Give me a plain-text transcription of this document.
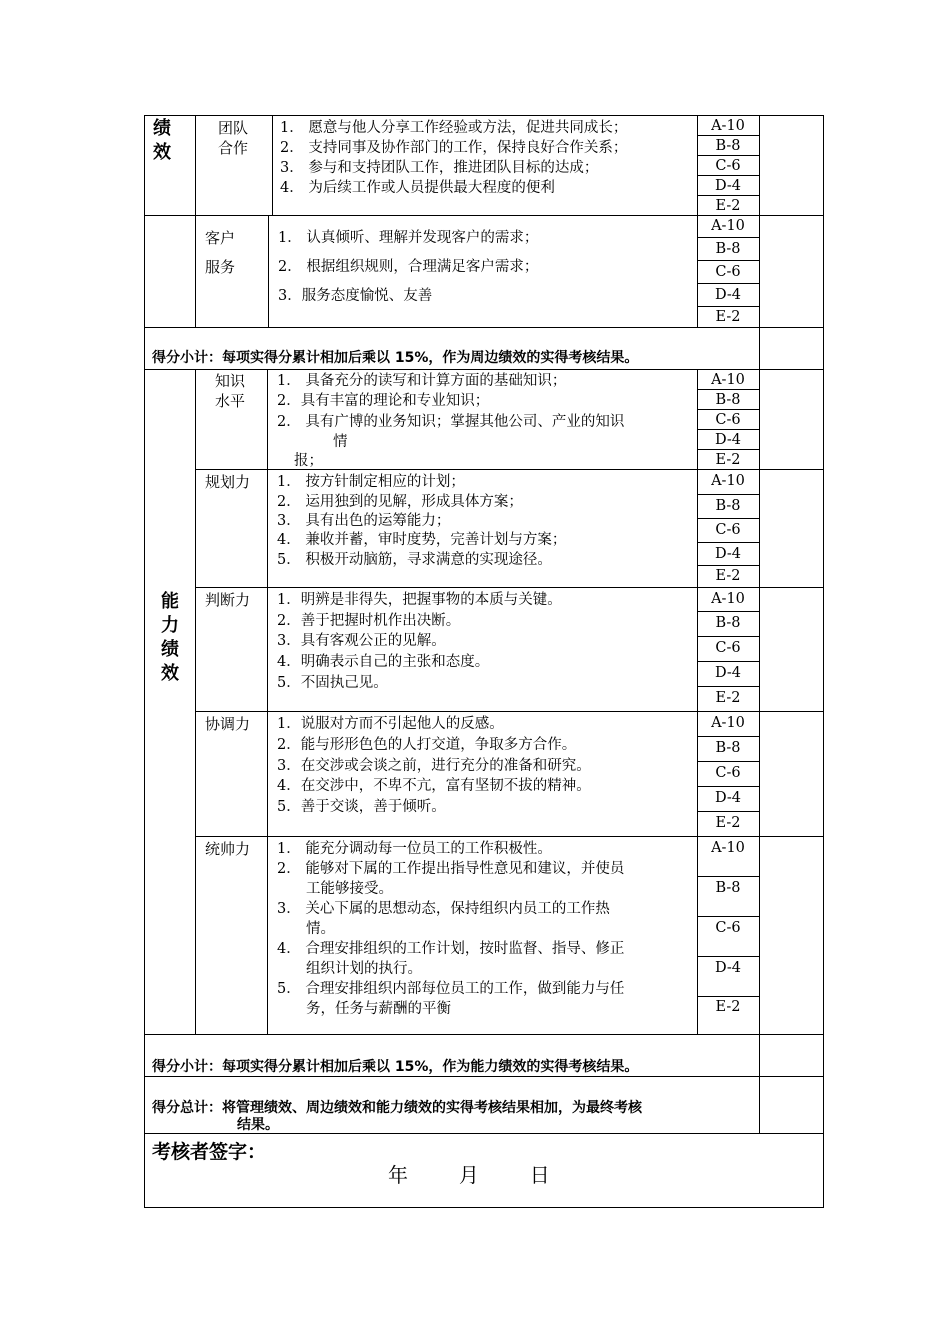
绩
效
能
力
绩
效
团队
合作
1． 愿意与他人分享工作经验或方法，促进共同成长；
2． 支持同事及协作部门的工作，保持良好合作关系；
3． 参与和支持团队工作，推进团队目标的达成；
4． 为后续工作或人员提供最大程度的便利
A-10
B-8
C-6
D-4
E-2
客户
服务
1． 认真倾听、理解并发现客户的需求；
2． 根据组织规则，合理满足客户需求；
3．服务态度愉悦、友善
A-10
B-8
C-6
D-4
E-2
得分小计：每项实得分累计相加后乘以 15%，作为周边绩效的实得考核结果。
知识
水平
1． 具备充分的读写和计算方面的基础知识；
2．具有丰富的理论和专业知识；
2． 具有广博的业务知识；掌握其他公司、产业的知识
情
报；
A-10
B-8
C-6
D-4
E-2
规划力 1． 按方针制定相应的计划；
2． 运用独到的见解，形成具体方案；
3． 具有出色的运筹能力；
4． 兼收并蓄，审时度势，完善计划与方案；
5． 积极开动脑筋，寻求满意的实现途径。
A-10
B-8
C-6
D-4
E-2
判断力 1．明辨是非得失，把握事物的本质与关键。
2．善于把握时机作出决断。
3．具有客观公正的见解。
4．明确表示自己的主张和态度。
5．不固执己见。
A-10
B-8
C-6
D-4
E-2
协调力 1．说服对方而不引起他人的反感。
2．能与形形色色的人打交道，争取多方合作。
3．在交涉或会谈之前，进行充分的准备和研究。
4．在交涉中，不卑不亢，富有坚韧不拔的精神。
5．善于交谈，善于倾听。
A-10
B-8
C-6
D-4
E-2
统帅力 1． 能充分调动每一位员工的工作积极性。
2． 能够对下属的工作提出指导性意见和建议，并使员
工能够接受。
3． 关心下属的思想动态，保持组织内员工的工作热
情。
4． 合理安排组织的工作计划，按时监督、指导、修正
组织计划的执行。
5． 合理安排组织内部每位员工的工作，做到能力与任
务，任务与薪酬的平衡
A-10
B-8
C-6
D-4
E-2
得分小计：每项实得分累计相加后乘以 15%，作为能力绩效的实得考核结果。
得分总计：将管理绩效、周边绩效和能力绩效的实得考核结果相加，为最终考核
结果。
考核者签字：
年        月        日
